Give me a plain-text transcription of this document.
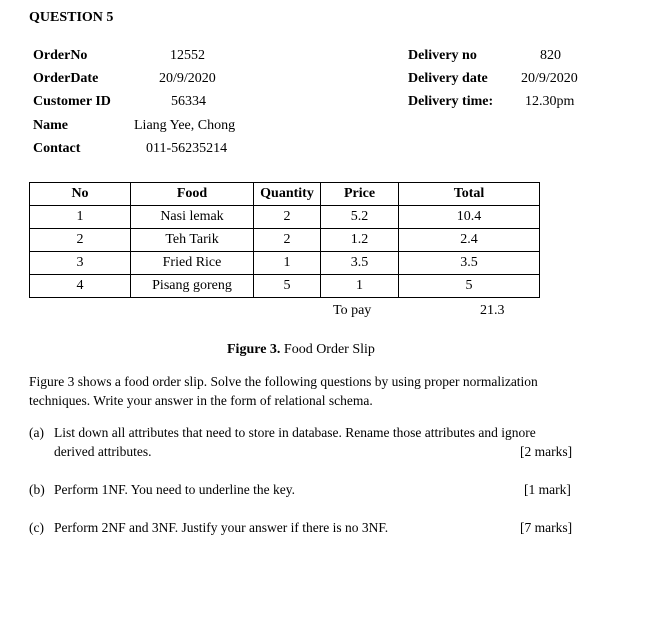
QUESTION 5
OrderNo	12552
OrderDate	20/9/2020
Customer ID	56334
Name	Liang Yee, Chong
Contact	011-56235214
Delivery no	820
Delivery date 20/9/2020
Delivery time: 12.30pm
No	Food	Quantity	Price	Total
1	Nasi lemak	2	5.2	10.4
2	Teh Tarik	2	1.2	2.4
3	Fried Rice	1	3.5	3.5
4	Pisang goreng	5	1	5
To pay	21.3
Figure 3. Food Order Slip
Figure 3 shows a food order slip. Solve the following questions by using proper normalization
techniques. Write your answer in the form of relational schema.
(a) List down all attributes that need to store in database. Rename those attributes and ignore
derived attributes.	[2 marks]
(b) Perform 1NF. You need to underline the key.	[1 mark]
(c) Perform 2NF and 3NF. Justify your answer if there is no 3NF.	[7 marks]
